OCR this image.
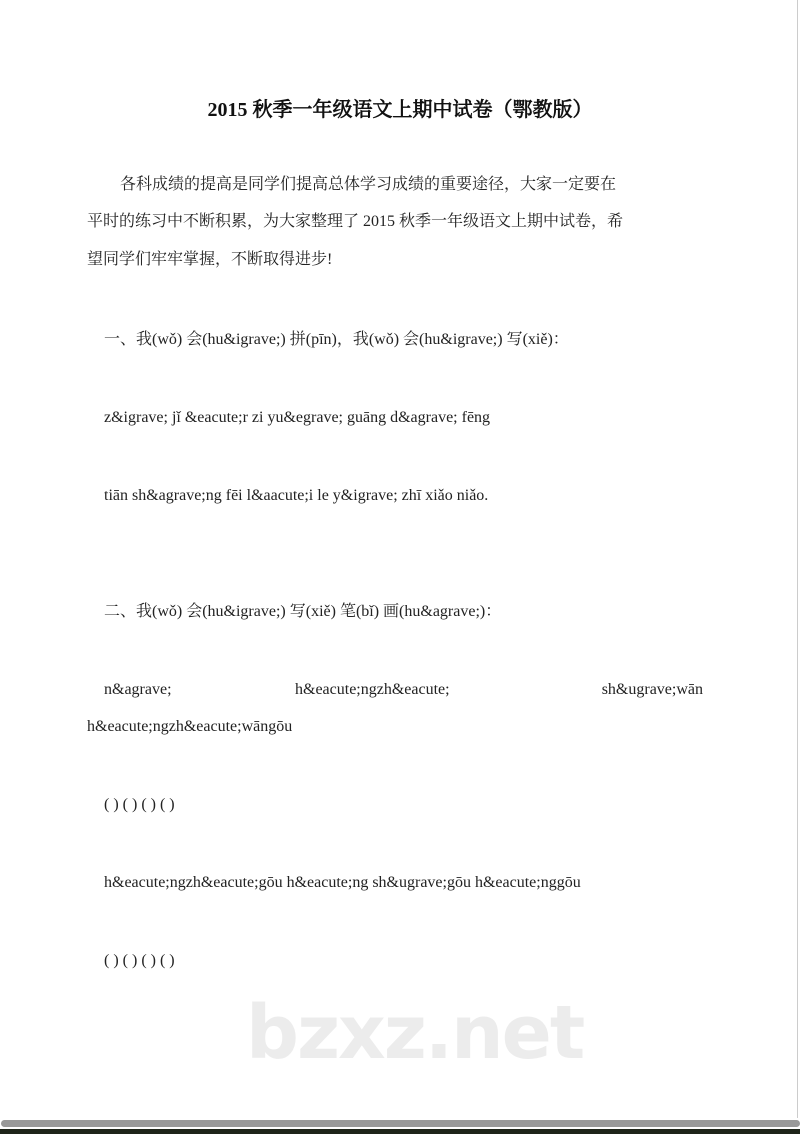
2015 秋季一年级语文上期中试卷（鄂教版）
各科成绩的提高是同学们提高总体学习成绩的重要途径，大家一定要在
平时的练习中不断积累，为大家整理了 2015 秋季一年级语文上期中试卷，希
望同学们牢牢掌握，不断取得进步!
一、我(wǒ) 会(hu&igrave;) 拼(pīn)，我(wǒ) 会(hu&igrave;) 写(xiě)：
z&igrave; jǐ &eacute;r zi yu&egrave; guāng d&agrave; fēng
tiān sh&agrave;ng fēi l&aacute;i le y&igrave; zhī xiǎo niǎo.
二、我(wǒ) 会(hu&igrave;) 写(xiě) 笔(bǐ) 画(hu&agrave;)：
n&agrave;	h&eacute;ngzh&eacute;	sh&ugrave;wān
h&eacute;ngzh&eacute;wāngōu
( ) ( ) ( ) ( )
h&eacute;ngzh&eacute;gōu h&eacute;ng sh&ugrave;gōu h&eacute;nggōu
( ) ( ) ( ) ( )
bzxz.net
